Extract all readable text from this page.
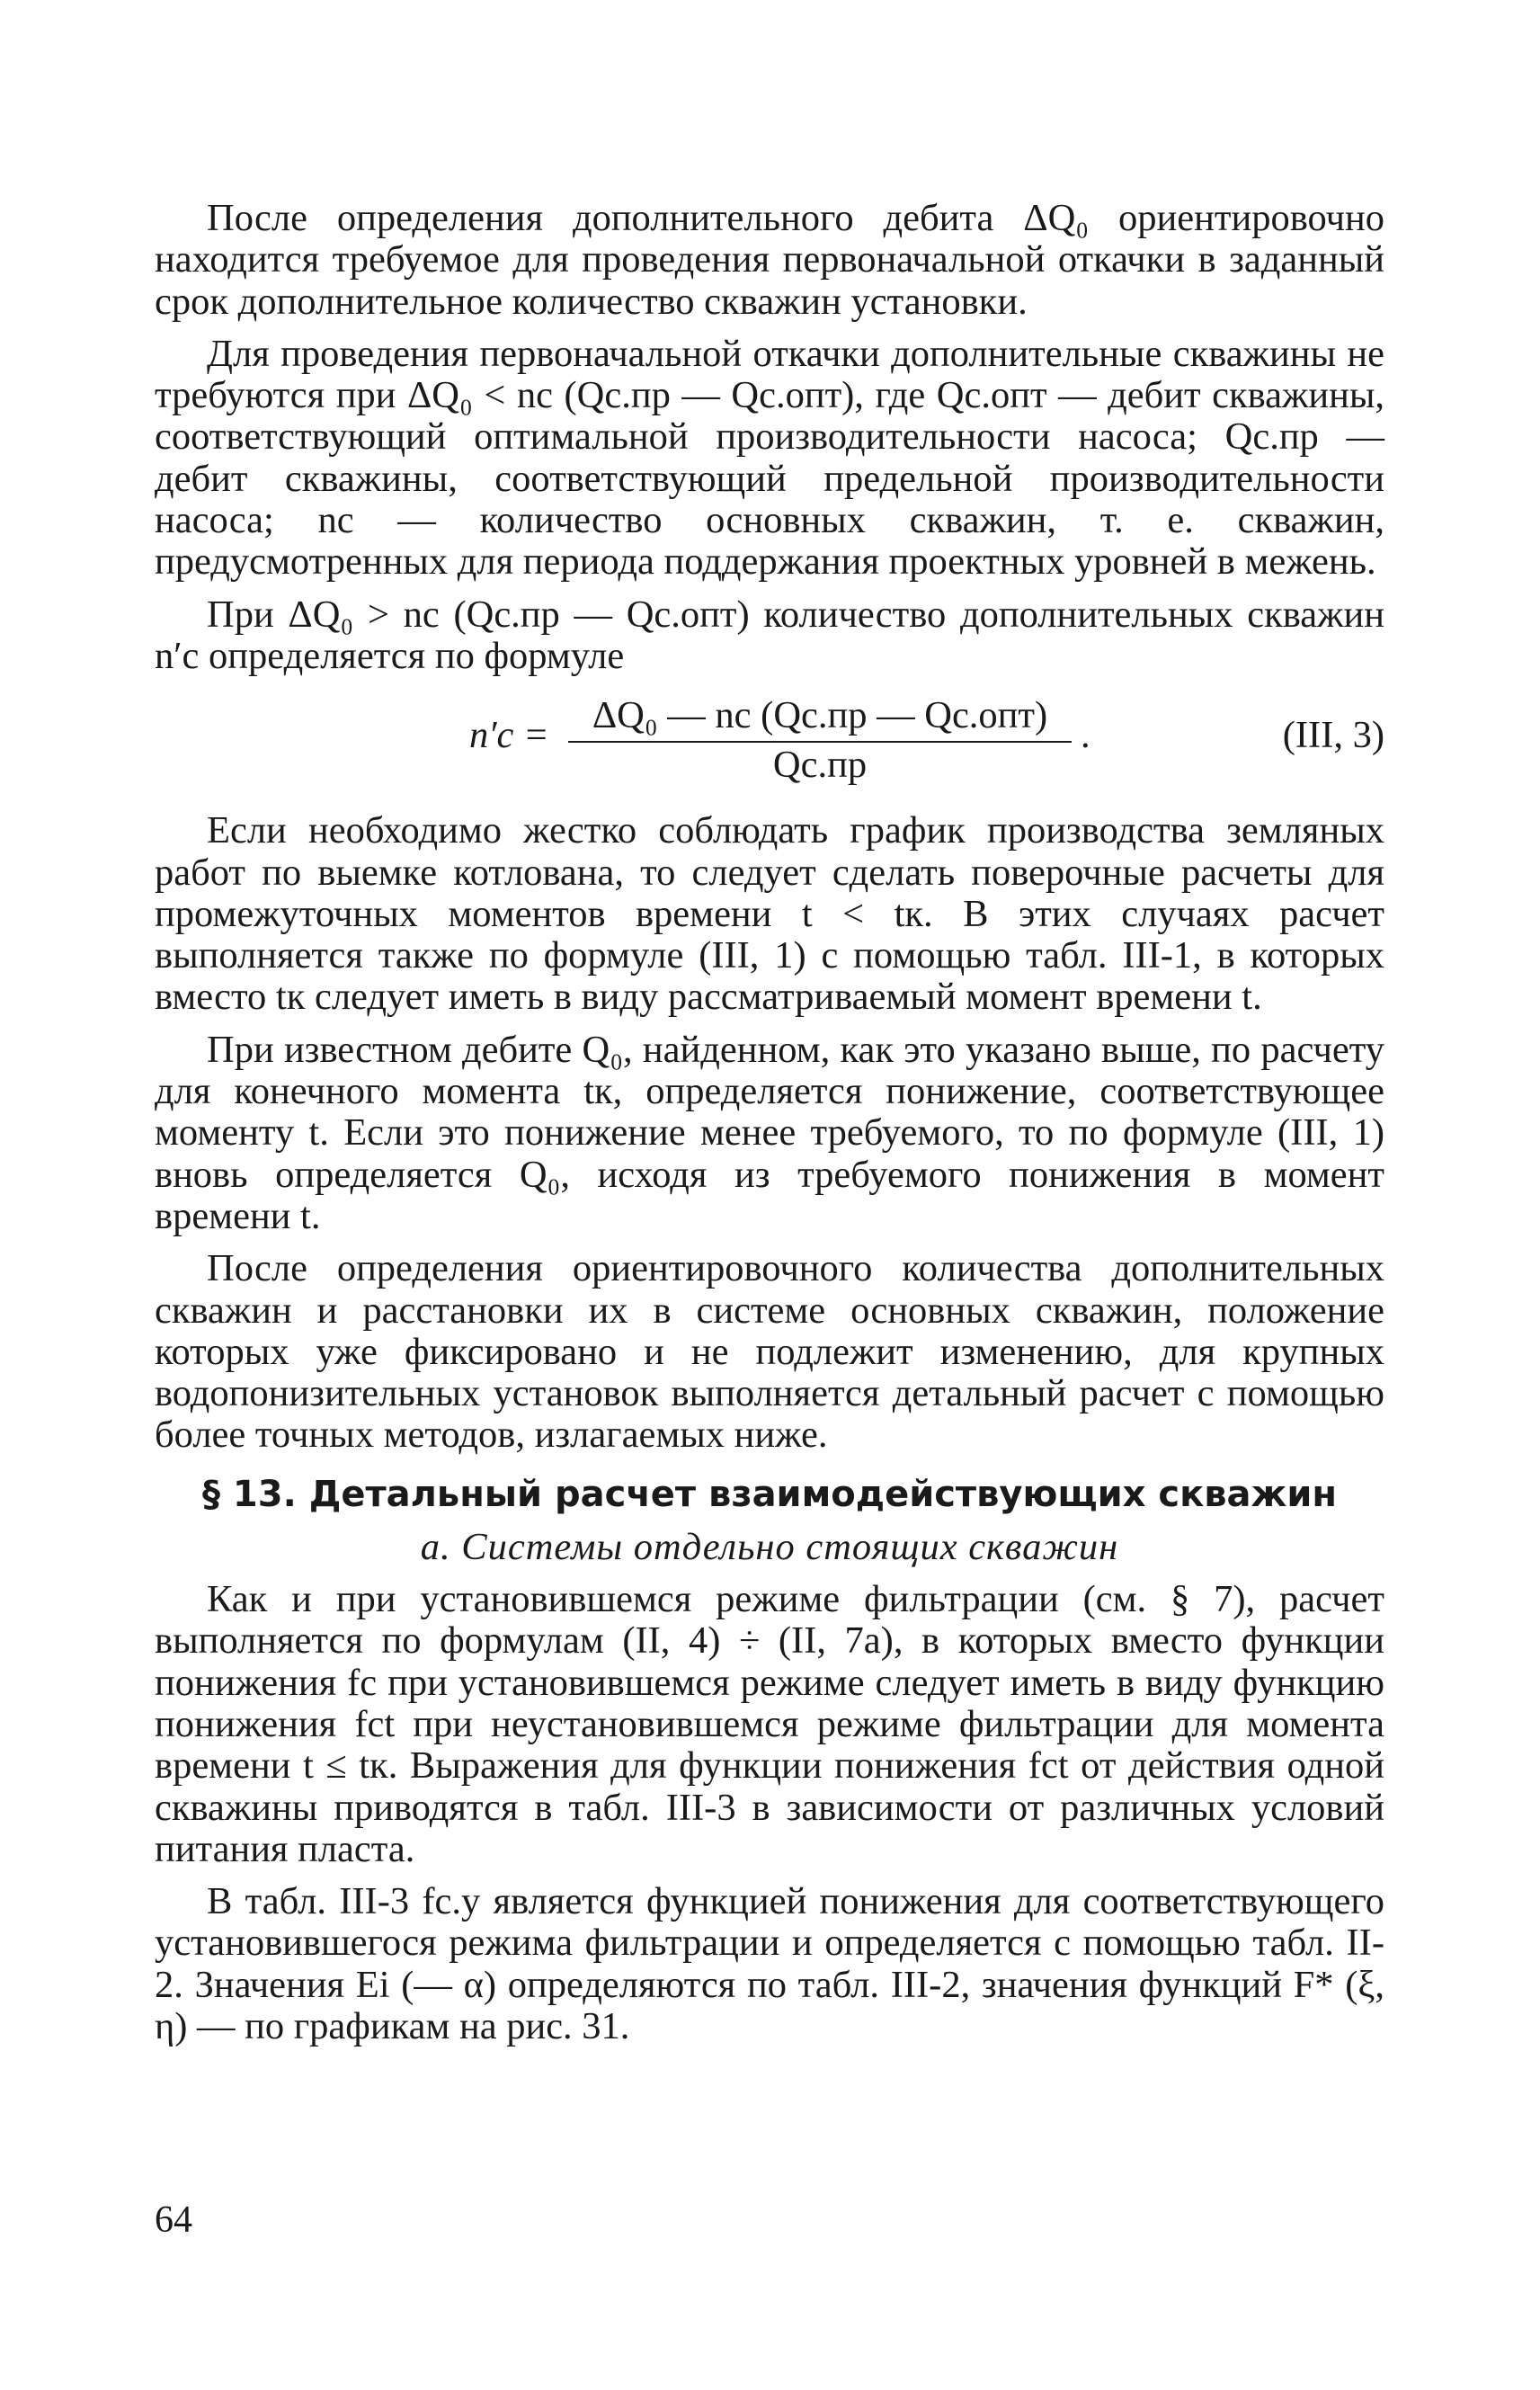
После определения дополнительного дебита ΔQ₀ ориентировочно находится требуемое для проведения первоначальной откачки в заданный срок дополнительное количество скважин установки.

Для проведения первоначальной откачки дополнительные скважины не требуются при ΔQ₀ < nс (Qс.пр — Qс.опт), где Qс.опт — дебит скважины, соответствующий оптимальной производительности насоса; Qс.пр — дебит скважины, соответствующий предельной производительности насоса; nс — количество основных скважин, т. е. скважин, предусмотренных для периода поддержания проектных уровней в межень.

При ΔQ₀ > nс (Qс.пр — Qс.опт) количество дополнительных скважин n′с определяется по формуле

n′с =	ΔQ₀ — nс (Qс.пр — Qс.опт)
Qс.пр
.	(III, 3)

Если необходимо жестко соблюдать график производства земляных работ по выемке котлована, то следует сделать поверочные расчеты для промежуточных моментов времени t < tк. В этих случаях расчет выполняется также по формуле (III, 1) с помощью табл. III-1, в которых вместо tк следует иметь в виду рассматриваемый момент времени t.

При известном дебите Q₀, найденном, как это указано выше, по расчету для конечного момента tк, определяется понижение, соответствующее моменту t. Если это понижение менее требуемого, то по формуле (III, 1) вновь определяется Q₀, исходя из требуемого понижения в момент времени t.

После определения ориентировочного количества дополнительных скважин и расстановки их в системе основных скважин, положение которых уже фиксировано и не подлежит изменению, для крупных водопонизительных установок выполняется детальный расчет с помощью более точных методов, излагаемых ниже.

§ 13. Детальный расчет взаимодействующих скважин
а. Системы отдельно стоящих скважин

Как и при установившемся режиме фильтрации (см. § 7), расчет выполняется по формулам (II, 4) ÷ (II, 7а), в которых вместо функции понижения fс при установившемся режиме следует иметь в виду функцию понижения fсt при неустановившемся режиме фильтрации для момента времени t ≤ tк. Выражения для функции понижения fсt от действия одной скважины приводятся в табл. III-3 в зависимости от различных условий питания пласта.

В табл. III-3 fс.у является функцией понижения для соответствующего установившегося режима фильтрации и определяется с помощью табл. II-2. Значения Ei (— α) определяются по табл. III-2, значения функций F* (ξ, η) — по графикам на рис. 31.

64
